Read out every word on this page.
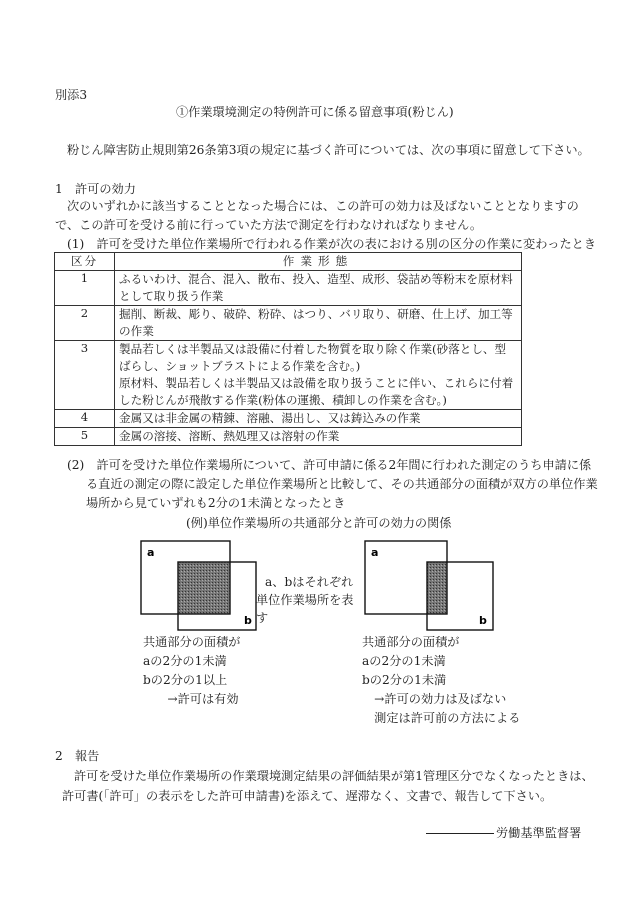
別添3
①作業環境測定の特例許可に係る留意事項(粉じん)
粉じん障害防止規則第26条第3項の規定に基づく許可については、次の事項に留意して下さい。
1　許可の効力
次のいずれかに該当することとなった場合には、この許可の効力は及ばないこととなりますの
で、この許可を受ける前に行っていた方法で測定を行わなければなりません。
(1)　許可を受けた単位作業場所で行われる作業が次の表における別の区分の作業に変わったとき
区分	作業形態
1	ふるいわけ、混合、混入、散布、投入、造型、成形、袋詰め等粉末を原材料
として取り扱う作業

2	掘削、断裁、彫り、破砕、粉砕、はつり、バリ取り、研磨、仕上げ、加工等
の作業

3	製品若しくは半製品又は設備に付着した物質を取り除く作業(砂落とし、型
ばらし、ショットブラストによる作業を含む。)
原材料、製品若しくは半製品又は設備を取り扱うことに伴い、これらに付着
した粉じんが飛散する作業(粉体の運搬、積卸しの作業を含む。)

4	金属又は非金属の精錬、溶融、湯出し、又は鋳込みの作業

5	金属の溶接、溶断、熱処理又は溶射の作業
(2)　許可を受けた単位作業場所について、許可申請に係る2年間に行われた測定のうち申請に係
る直近の測定の際に設定した単位作業場所と比較して、その共通部分の面積が双方の単位作業
場所から見ていずれも2分の1未満となったとき
(例)単位作業場所の共通部分と許可の効力の関係
a
b
a、bはそれぞれ
単位作業場所を表
す
a
b
共通部分の面積が
aの2分の1未満
bの2分の1以上
　　→許可は有効
共通部分の面積が
aの2分の1未満
bの2分の1未満
　→許可の効力は及ばない
　測定は許可前の方法による
2　報告
許可を受けた単位作業場所の作業環境測定結果の評価結果が第1管理区分でなくなったときは、
許可書(「許可」の表示をした許可申請書)を添えて、遅滞なく、文書で、報告して下さい。
労働基準監督署
